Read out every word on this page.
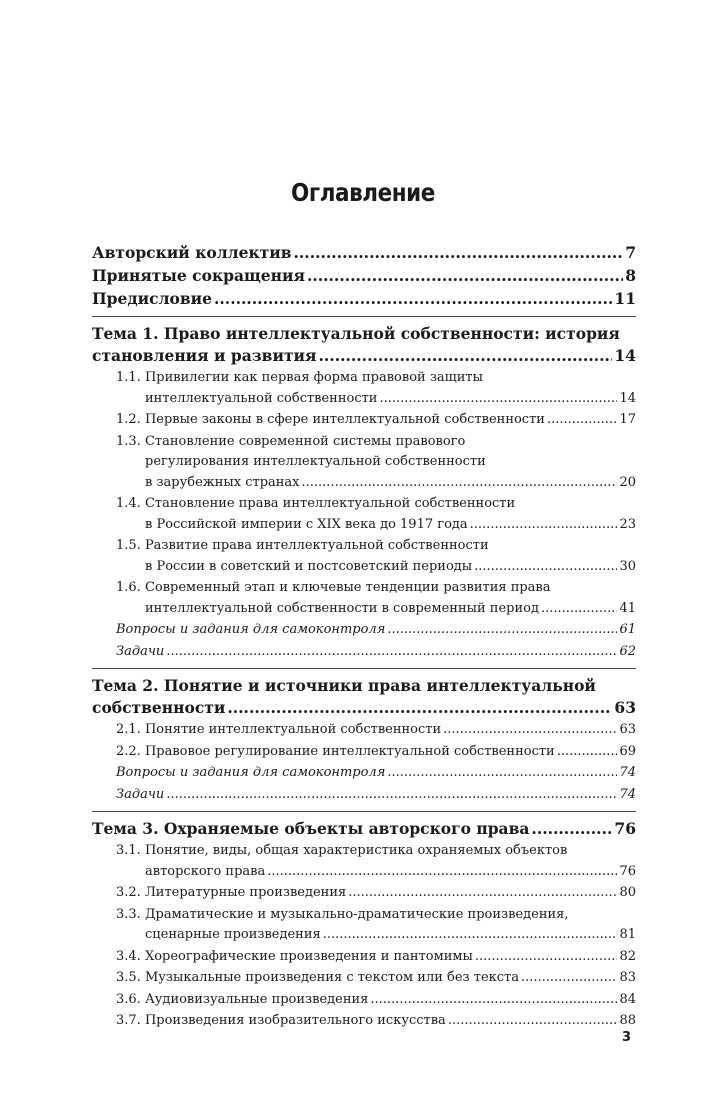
Оглавление
Авторский коллектив .....	7
Принятые сокращения .....	8
Предисловие .....	11
Тема 1. Право интеллектуальной собственности: история
становления и развития .....	14
1.1. Привилегии как первая форма правовой защиты
интеллектуальной собственности .....	14
1.2. Первые законы в сфере интеллектуальной собственности .....	17
1.3. Становление современной системы правового
регулирования интеллектуальной собственности
в зарубежных странах .....	20
1.4. Становление права интеллектуальной собственности
в Российской империи с XIX века до 1917 года .....	23
1.5. Развитие права интеллектуальной собственности
в России в советский и постсоветский периоды .....	30
1.6. Современный этап и ключевые тенденции развития права
интеллектуальной собственности в современный период .....	41
Вопросы и задания для самоконтроля .....	61
Задачи .....	62
Тема 2. Понятие и источники права интеллектуальной
собственности .....	63
2.1. Понятие интеллектуальной собственности .....	63
2.2. Правовое регулирование интеллектуальной собственности .....	69
Вопросы и задания для самоконтроля .....	74
Задачи .....	74
Тема 3. Охраняемые объекты авторского права .....	76
3.1. Понятие, виды, общая характеристика охраняемых объектов
авторского права .....	76
3.2. Литературные произведения .....	80
3.3. Драматические и музыкально-драматические произведения,
сценарные произведения .....	81
3.4. Хореографические произведения и пантомимы .....	82
3.5. Музыкальные произведения с текстом или без текста .....	83
3.6. Аудиовизуальные произведения .....	84
3.7. Произведения изобразительного искусства .....	88
3
